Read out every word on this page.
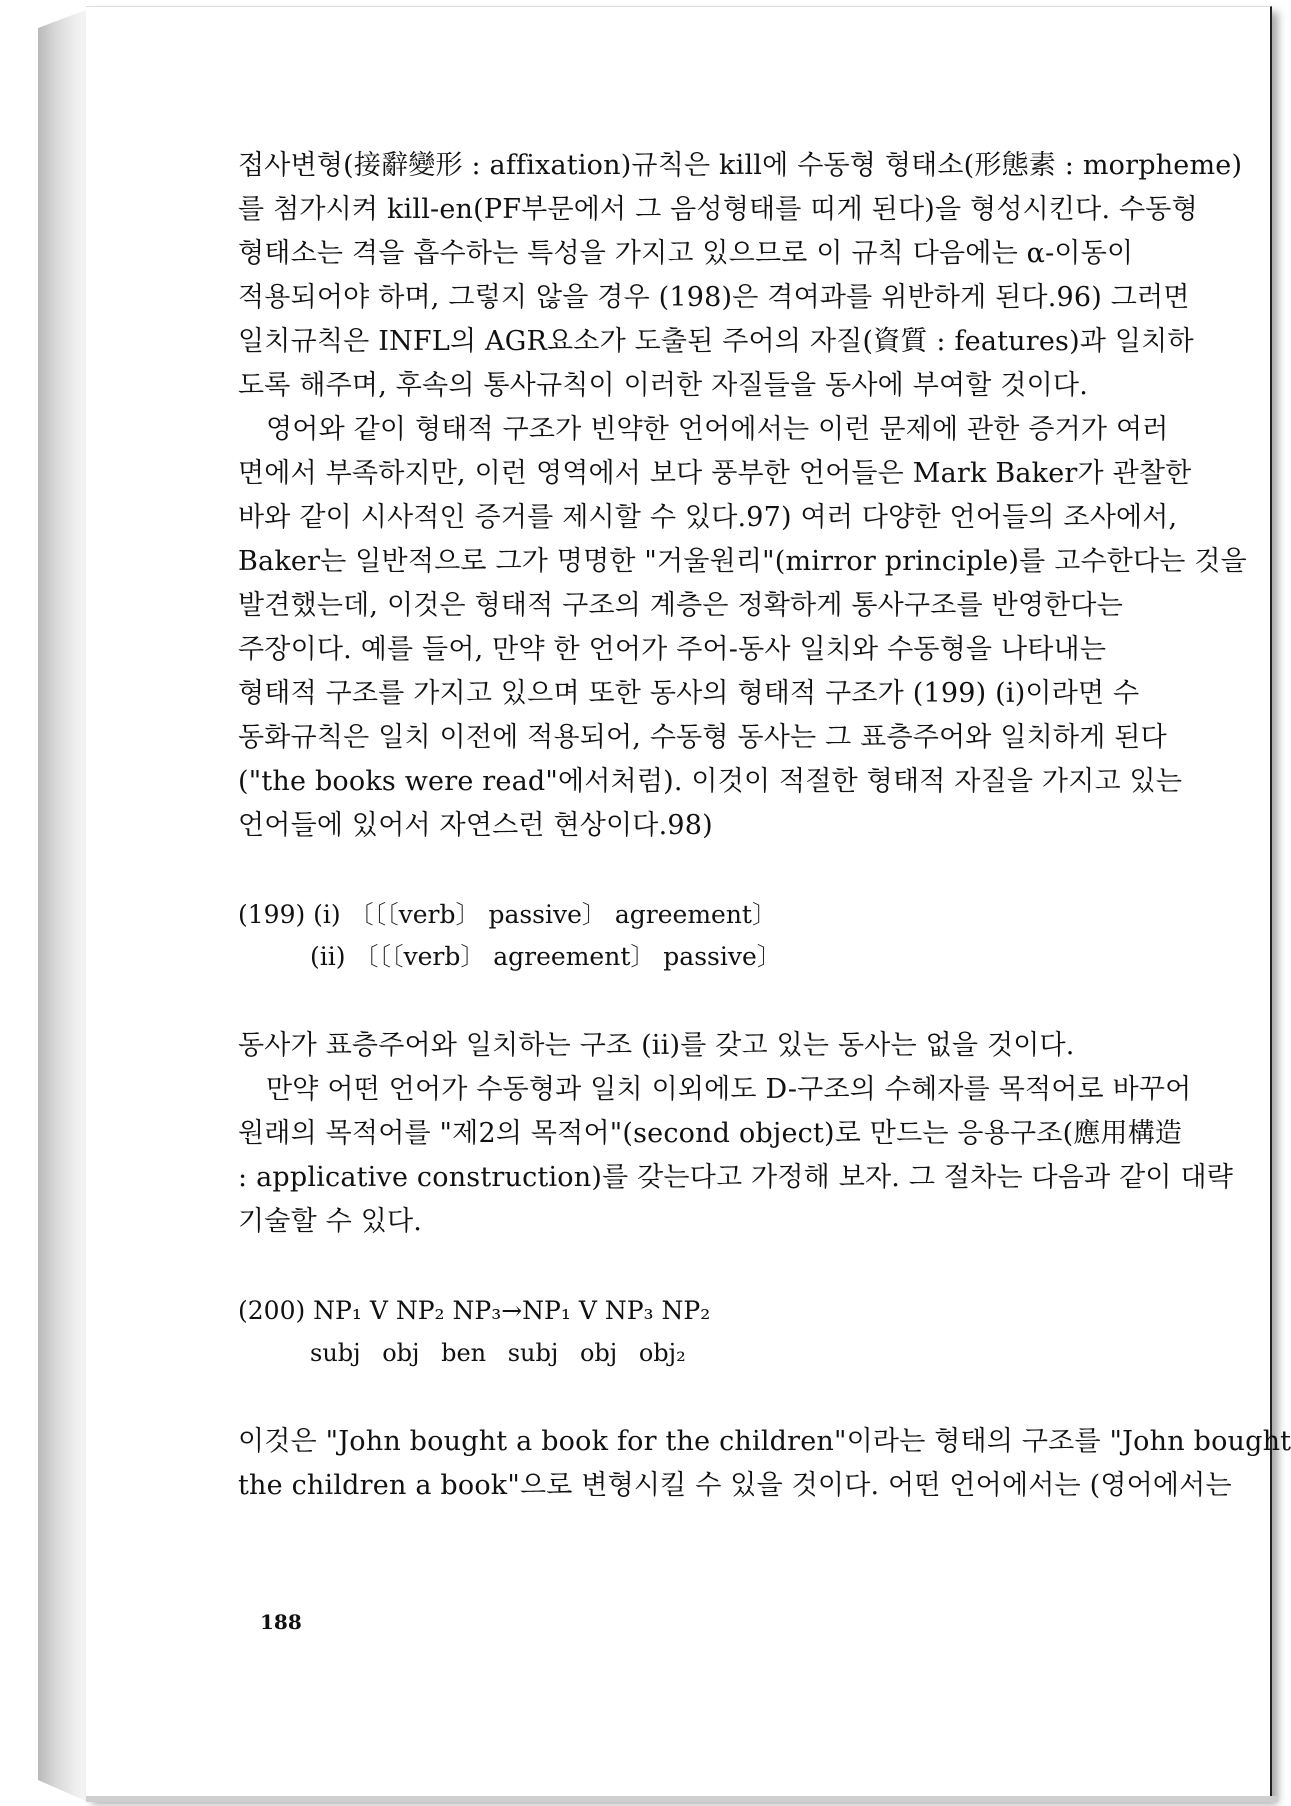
접사변형(接辭變形 : affixation)규칙은 kill에 수동형 형태소(形態素 : morpheme)
를 첨가시켜 kill-en(PF부문에서 그 음성형태를 띠게 된다)을 형성시킨다. 수동형
형태소는 격을 흡수하는 특성을 가지고 있으므로 이 규칙 다음에는 α-이동이
적용되어야 하며, 그렇지 않을 경우 (198)은 격여과를 위반하게 된다.96) 그러면
일치규칙은 INFL의 AGR요소가 도출된 주어의 자질(資質 : features)과 일치하
도록 해주며, 후속의 통사규칙이 이러한 자질들을 동사에 부여할 것이다.
영어와 같이 형태적 구조가 빈약한 언어에서는 이런 문제에 관한 증거가 여러
면에서 부족하지만, 이런 영역에서 보다 풍부한 언어들은 Mark Baker가 관찰한
바와 같이 시사적인 증거를 제시할 수 있다.97) 여러 다양한 언어들의 조사에서,
Baker는 일반적으로 그가 명명한 "거울원리"(mirror principle)를 고수한다는 것을
발견했는데, 이것은 형태적 구조의 계층은 정확하게 통사구조를 반영한다는
주장이다. 예를 들어, 만약 한 언어가 주어-동사 일치와 수동형을 나타내는
형태적 구조를 가지고 있으며 또한 동사의 형태적 구조가 (199) (i)이라면 수
동화규칙은 일치 이전에 적용되어, 수동형 동사는 그 표층주어와 일치하게 된다
("the books were read"에서처럼). 이것이 적절한 형태적 자질을 가지고 있는
언어들에 있어서 자연스런 현상이다.98)
(199) (i) 〔〔〔verb〕 passive〕 agreement〕
(ii) 〔〔〔verb〕 agreement〕 passive〕
동사가 표층주어와 일치하는 구조 (ii)를 갖고 있는 동사는 없을 것이다.
만약 어떤 언어가 수동형과 일치 이외에도 D-구조의 수혜자를 목적어로 바꾸어
원래의 목적어를 "제2의 목적어"(second object)로 만드는 응용구조(應用構造
: applicative construction)를 갖는다고 가정해 보자. 그 절차는 다음과 같이 대략
기술할 수 있다.
(200) NP₁ V NP₂ NP₃→NP₁ V NP₃ NP₂
subj obj ben subj obj obj₂
이것은 "John bought a book for the children"이라는 형태의 구조를 "John bought
the children a book"으로 변형시킬 수 있을 것이다. 어떤 언어에서는 (영어에서는
188
